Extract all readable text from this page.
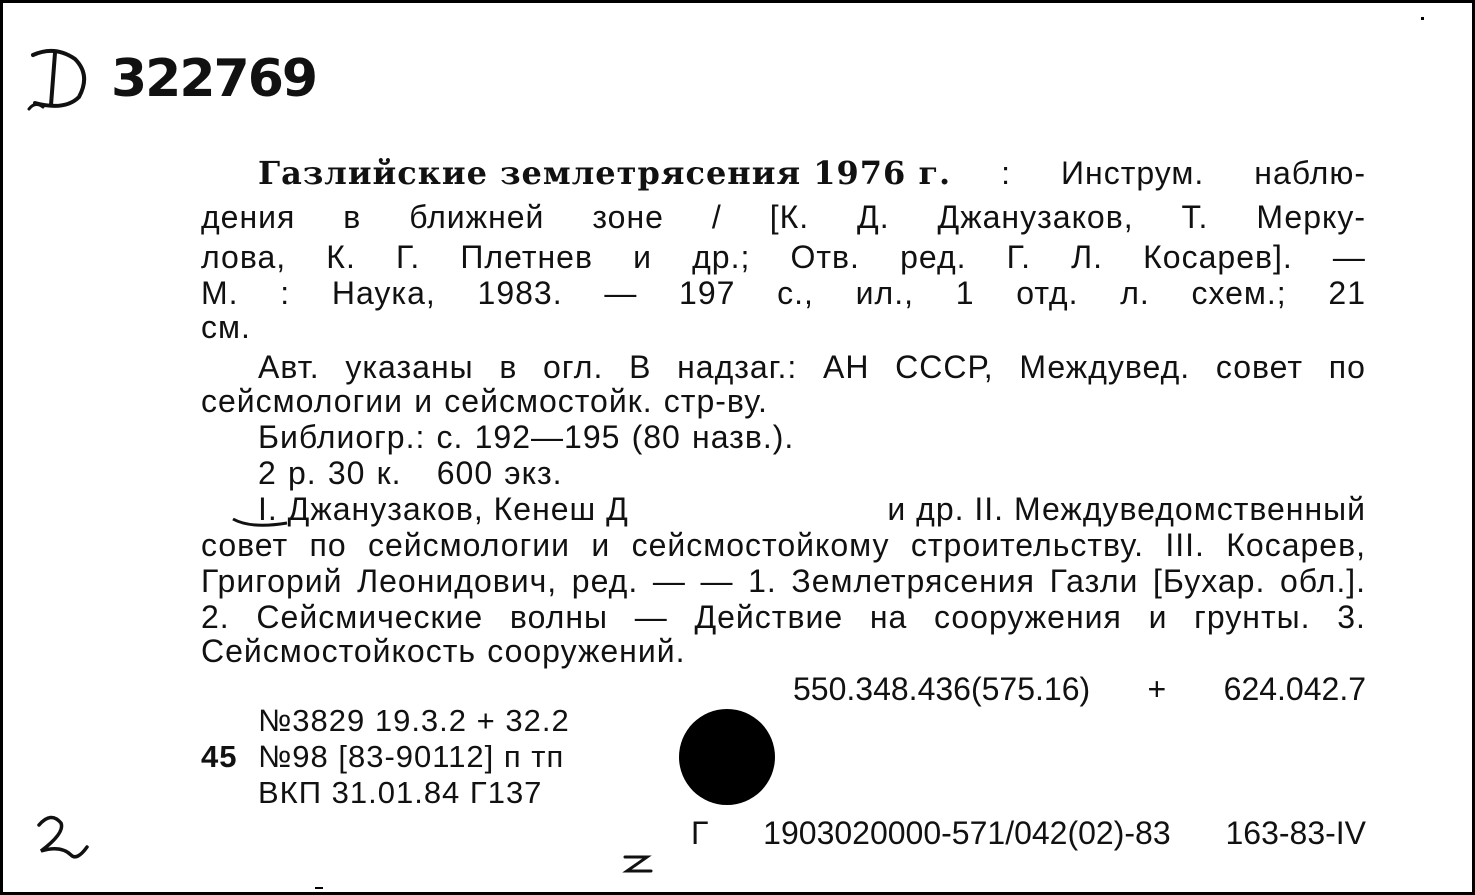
322769
Газлийские землетрясения 1976 г. : Инструм. наблю-
дения в ближней зоне / [К. Д. Джанузаков, Т. Мерку-
лова, К. Г. Плетнев и др.; Отв. ред. Г. Л. Косарев]. —
М. : Наука, 1983. — 197 с., ил., 1 отд. л. схем.; 21
см.
Авт. указаны в огл. В надзаг.: АН СССР, Междувед. совет по
сейсмологии и сейсмостойк. стр-ву.
Библиогр.: с. 192—195 (80 назв.).
2 р. 30 к. 600 экз.
I. Джанузаков, Кенеш Д	и др. II. Междуведомственный
совет по сейсмологии и сейсмостойкому строительству. III. Косарев,
Григорий Леонидович, ред. — — 1. Землетрясения Газли [Бухар. обл.].
2. Сейсмические волны — Действие на сооружения и грунты. 3.
Сейсмостойкость сооружений.
550.348.436(575.16) + 624.042.7
№3829 19.3.2 + 32.2
45 №98 [83-90112] п тп
ВКП 31.01.84 Г137
Г 1903020000-571/042(02)-83 163-83-IV
